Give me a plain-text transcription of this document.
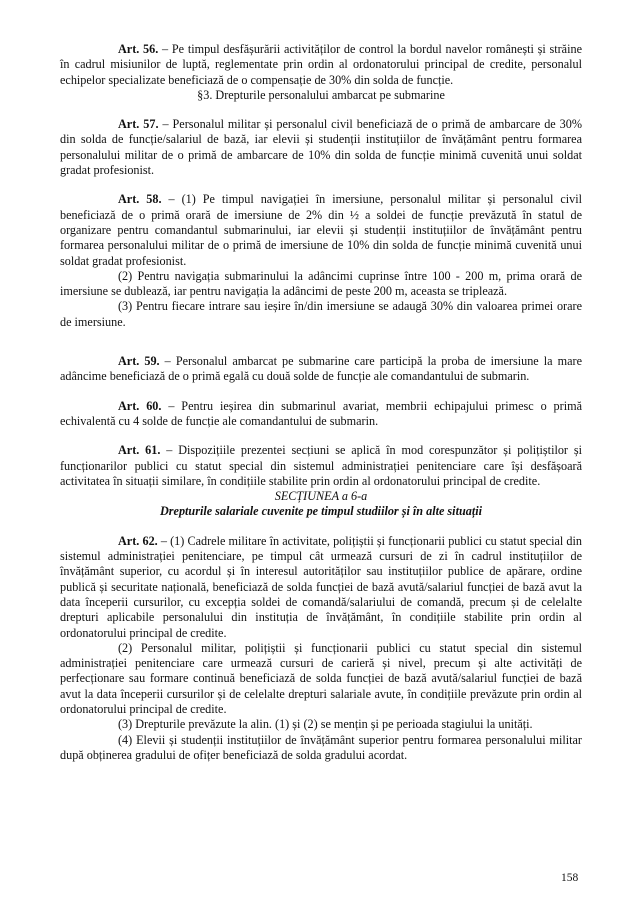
Art. 56. – Pe timpul desfășurării activităților de control la bordul navelor românești și străine în cadrul misiunilor de luptă, reglementate prin ordin al ordonatorului principal de credite, personalul echipelor specializate beneficiază de o compensație de 30% din solda de funcție.

§3. Drepturile personalului ambarcat pe submarine

Art. 57. – Personalul militar și personalul civil beneficiază de o primă de ambarcare de 30% din solda de funcție/salariul de bază, iar elevii și studenții instituțiilor de învățământ pentru formarea personalului militar de o primă de ambarcare de 10% din solda de funcție minimă cuvenită unui soldat gradat profesionist.

Art. 58. – (1) Pe timpul navigației în imersiune, personalul militar și personalul civil beneficiază de o primă orară de imersiune de 2% din ½ a soldei de funcție prevăzută în statul de organizare pentru comandantul submarinului, iar elevii și studenții instituțiilor de învățământ pentru formarea personalului militar de o primă de imersiune de 10% din solda de funcție minimă cuvenită unui soldat gradat profesionist.

(2) Pentru navigația submarinului la adâncimi cuprinse între 100 - 200 m, prima orară de imersiune se dublează, iar pentru navigația la adâncimi de peste 200 m, aceasta se triplează.

(3) Pentru fiecare intrare sau ieșire în/din imersiune se adaugă 30% din valoarea primei orare de imersiune.

Art. 59. – Personalul ambarcat pe submarine care participă la proba de imersiune la mare adâncime beneficiază de o primă egală cu două solde de funcție ale comandantului de submarin.

Art. 60. – Pentru ieșirea din submarinul avariat, membrii echipajului primesc o primă echivalentă cu 4 solde de funcție ale comandantului de submarin.

Art. 61. – Dispozițiile prezentei secțiuni se aplică în mod corespunzător și polițiștilor și funcționarilor publici cu statut special din sistemul administrației penitenciare care își desfășoară activitatea în situații similare, în condițiile stabilite prin ordin al ordonatorului principal de credite.

SECȚIUNEA a 6-a

Drepturile salariale cuvenite pe timpul studiilor și în alte situații

Art. 62. – (1) Cadrele militare în activitate, polițiștii și funcționarii publici cu statut special din sistemul administrației penitenciare, pe timpul cât urmează cursuri de zi în cadrul instituțiilor de învățământ superior, cu acordul și în interesul autorităților sau instituțiilor publice de apărare, ordine publică și securitate națională, beneficiază de solda funcției de bază avută/salariul funcției de bază avut la data începerii cursurilor, cu excepția soldei de comandă/salariului de comandă, precum și de celelalte drepturi aplicabile personalului din instituția de învățământ, în condițiile stabilite prin ordin al ordonatorului principal de credite.

(2) Personalul militar, polițiștii și funcționarii publici cu statut special din sistemul administrației penitenciare care urmează cursuri de carieră și nivel, precum și alte activități de perfecționare sau formare continuă beneficiază de solda funcției de bază avută/salariul funcției de bază avut la data începerii cursurilor și de celelalte drepturi salariale avute, în condițiile prevăzute prin ordin al ordonatorului principal de credite.

(3) Drepturile prevăzute la alin. (1) și (2) se mențin și pe perioada stagiului la unități.

(4) Elevii și studenții instituțiilor de învățământ superior pentru formarea personalului militar după obținerea gradului de ofițer beneficiază de solda gradului acordat.

158
